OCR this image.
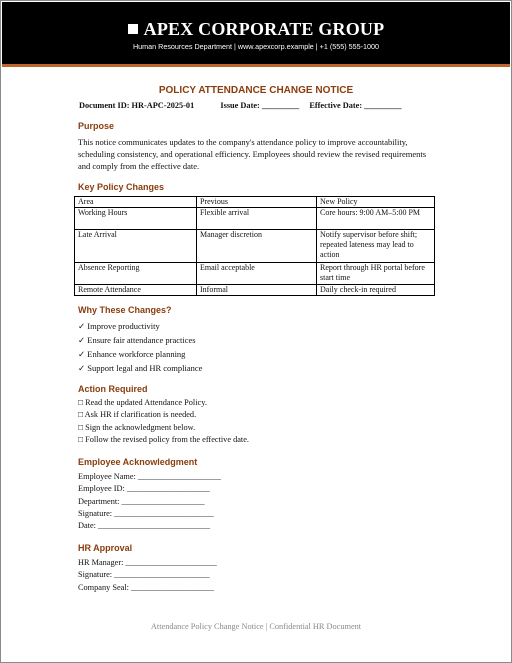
APEX CORPORATE GROUP
Human Resources Department | www.apexcorp.example | +1 (555) 555-1000
POLICY ATTENDANCE CHANGE NOTICE
Document ID: HR-APC-2025-01	Issue Date: _________ Effective Date: _________
Purpose
This notice communicates updates to the company's attendance policy to improve accountability, scheduling consistency, and operational efficiency. Employees should review the revised requirements and comply from the effective date.
Key Policy Changes
Area	Previous	New Policy
Working Hours	Flexible arrival	Core hours: 9:00 AM–5:00 PM
Late Arrival	Manager discretion	Notify supervisor before shift; repeated lateness may lead to action
Absence Reporting	Email acceptable	Report through HR portal before start time
Remote Attendance	Informal	Daily check-in required
Why These Changes?
✓ Improve productivity
✓ Ensure fair attendance practices
✓ Enhance workforce planning
✓ Support legal and HR compliance
Action Required
□ Read the updated Attendance Policy.
□ Ask HR if clarification is needed.
□ Sign the acknowledgment below.
□ Follow the revised policy from the effective date.
Employee Acknowledgment
Employee Name: ____________________
Employee ID: ____________________
Department: ____________________
Signature: ________________________
Date: ___________________________
HR Approval
HR Manager: ______________________
Signature: _______________________
Company Seal: ____________________
Attendance Policy Change Notice | Confidential HR Document
